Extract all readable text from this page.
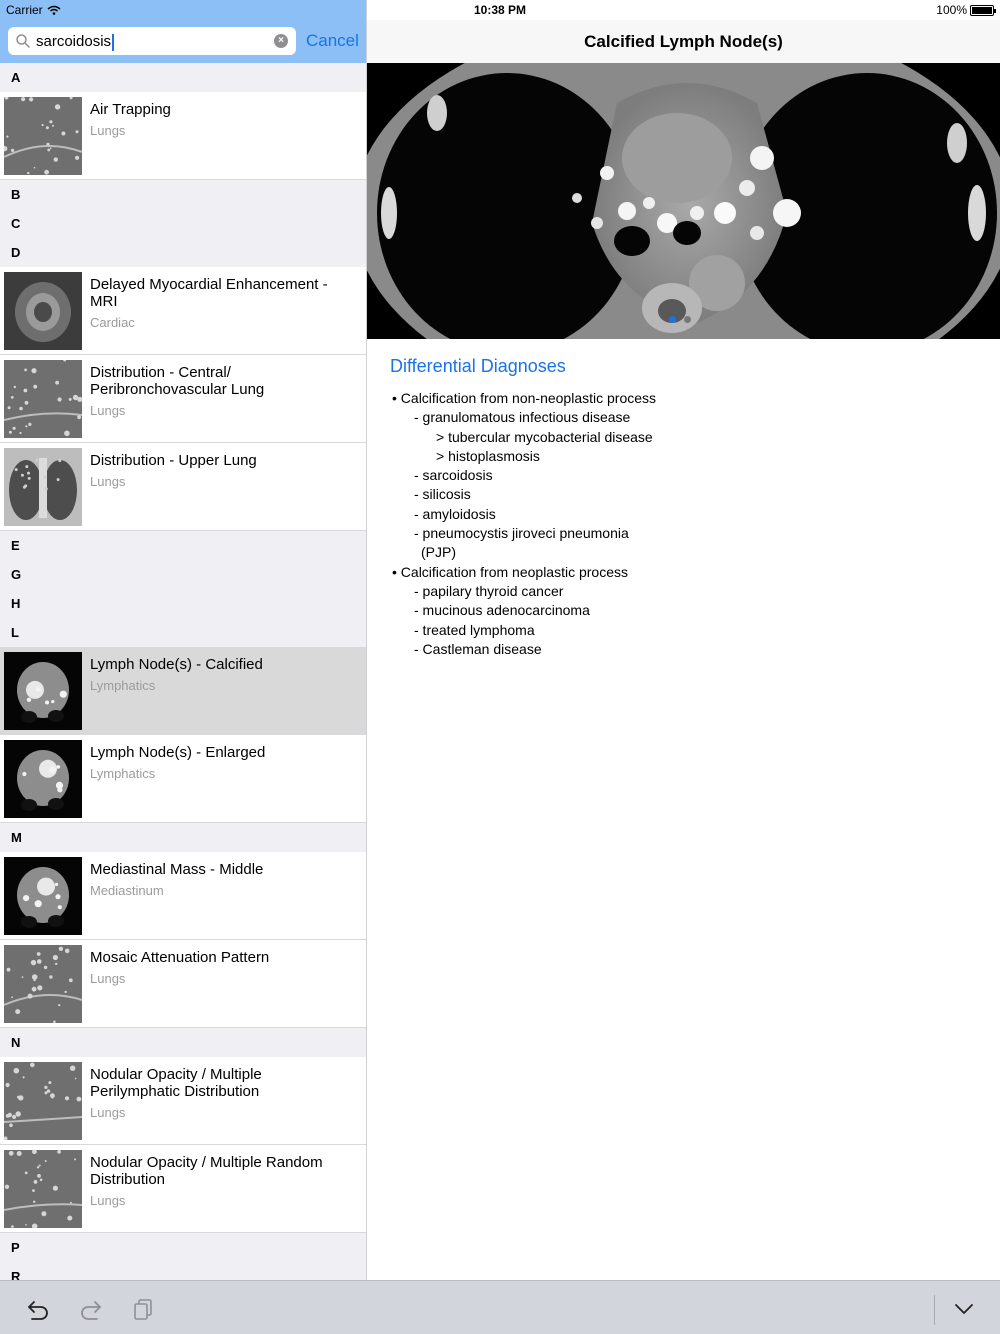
sarcoidosis	× Cancel
A
Air Trapping
Lungs
B
C
D
Delayed Myocardial Enhancement - MRI
Cardiac
Distribution - Central/ Peribronchovascular Lung
Lungs
Distribution - Upper Lung
Lungs
E
G
H
L
Lymph Node(s) - Calcified
Lymphatics
Lymph Node(s) - Enlarged
Lymphatics
M
Mediastinal Mass - Middle
Mediastinum
Mosaic Attenuation Pattern
Lungs
N
Nodular Opacity / Multiple Perilymphatic Distribution
Lungs
Nodular Opacity / Multiple Random Distribution
Lungs
P
R
Calcified Lymph Node(s)
Differential Diagnoses
• Calcification from non-neoplastic process
- granulomatous infectious disease
> tubercular mycobacterial disease
> histoplasmosis
- sarcoidosis
- silicosis
- amyloidosis
- pneumocystis jiroveci pneumonia
(PJP)
• Calcification from neoplastic process
- papilary thyroid cancer
- mucinous adenocarcinoma
- treated lymphoma
- Castleman disease
Carrier	10:38 PM	100%
